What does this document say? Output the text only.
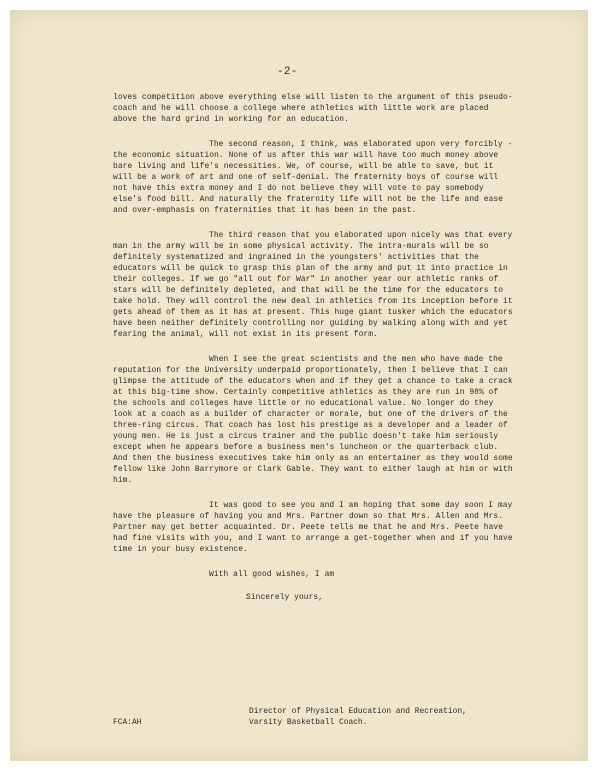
-2-

loves competition above everything else will listen to the argument of this pseudo-coach and he will choose a college where athletics with little work are placed above the hard grind in working for an education.

The second reason, I think, was elaborated upon very forcibly - the economic situation. None of us after this war will have too much money above bare living and life's necessities. We, of course, will be able to save, but it will be a work of art and one of self-denial. The fraternity boys of course will not have this extra money and I do not believe they will vote to pay somebody else's food bill. And naturally the fraternity life will not be the life and ease and over-emphasis on fraternities that it has been in the past.

The third reason that you elaborated upon nicely was that every man in the army will be in some physical activity. The intra-murals will be so definitely systematized and ingrained in the youngsters' activities that the educators will be quick to grasp this plan of the army and put it into practice in their colleges. If we go "all out for War" in another year our athletic ranks of stars will be definitely depleted, and that will be the time for the educators to take hold. They will control the new deal in athletics from its inception before it gets ahead of them as it has at present. This huge giant tusker which the educators have been neither definitely controlling nor guiding by walking along with and yet fearing the animal, will not exist in its present form.

When I see the great scientists and the men who have made the reputation for the University underpaid proportionately, then I believe that I can glimpse the attitude of the educators when and if they get a chance to take a crack at this big-time show. Certainly competitive athletics as they are run in 98% of the schools and colleges have little or no educational value. No longer do they look at a coach as a builder of character or morale, but one of the drivers of the three-ring circus. That coach has lost his prestige as a developer and a leader of young men. He is just a circus trainer and the public doesn't take him seriously except when he appears before a business men's luncheon or the quarterback club. And then the business executives take him only as an entertainer as they would some fellow like John Barrymore or Clark Gable. They want to either laugh at him or with him.

It was good to see you and I am hoping that some day soon I may have the pleasure of having you and Mrs. Partner down so that Mrs. Allen and Mrs. Partner may get better acquainted. Dr. Peete tells me that he and Mrs. Peete have had fine visits with you, and I want to arrange a get-together when and if you have time in your busy existence.

With all good wishes, I am

Sincerely yours,

Director of Physical Education and Recreation,
Varsity Basketball Coach.
FCA:AH
